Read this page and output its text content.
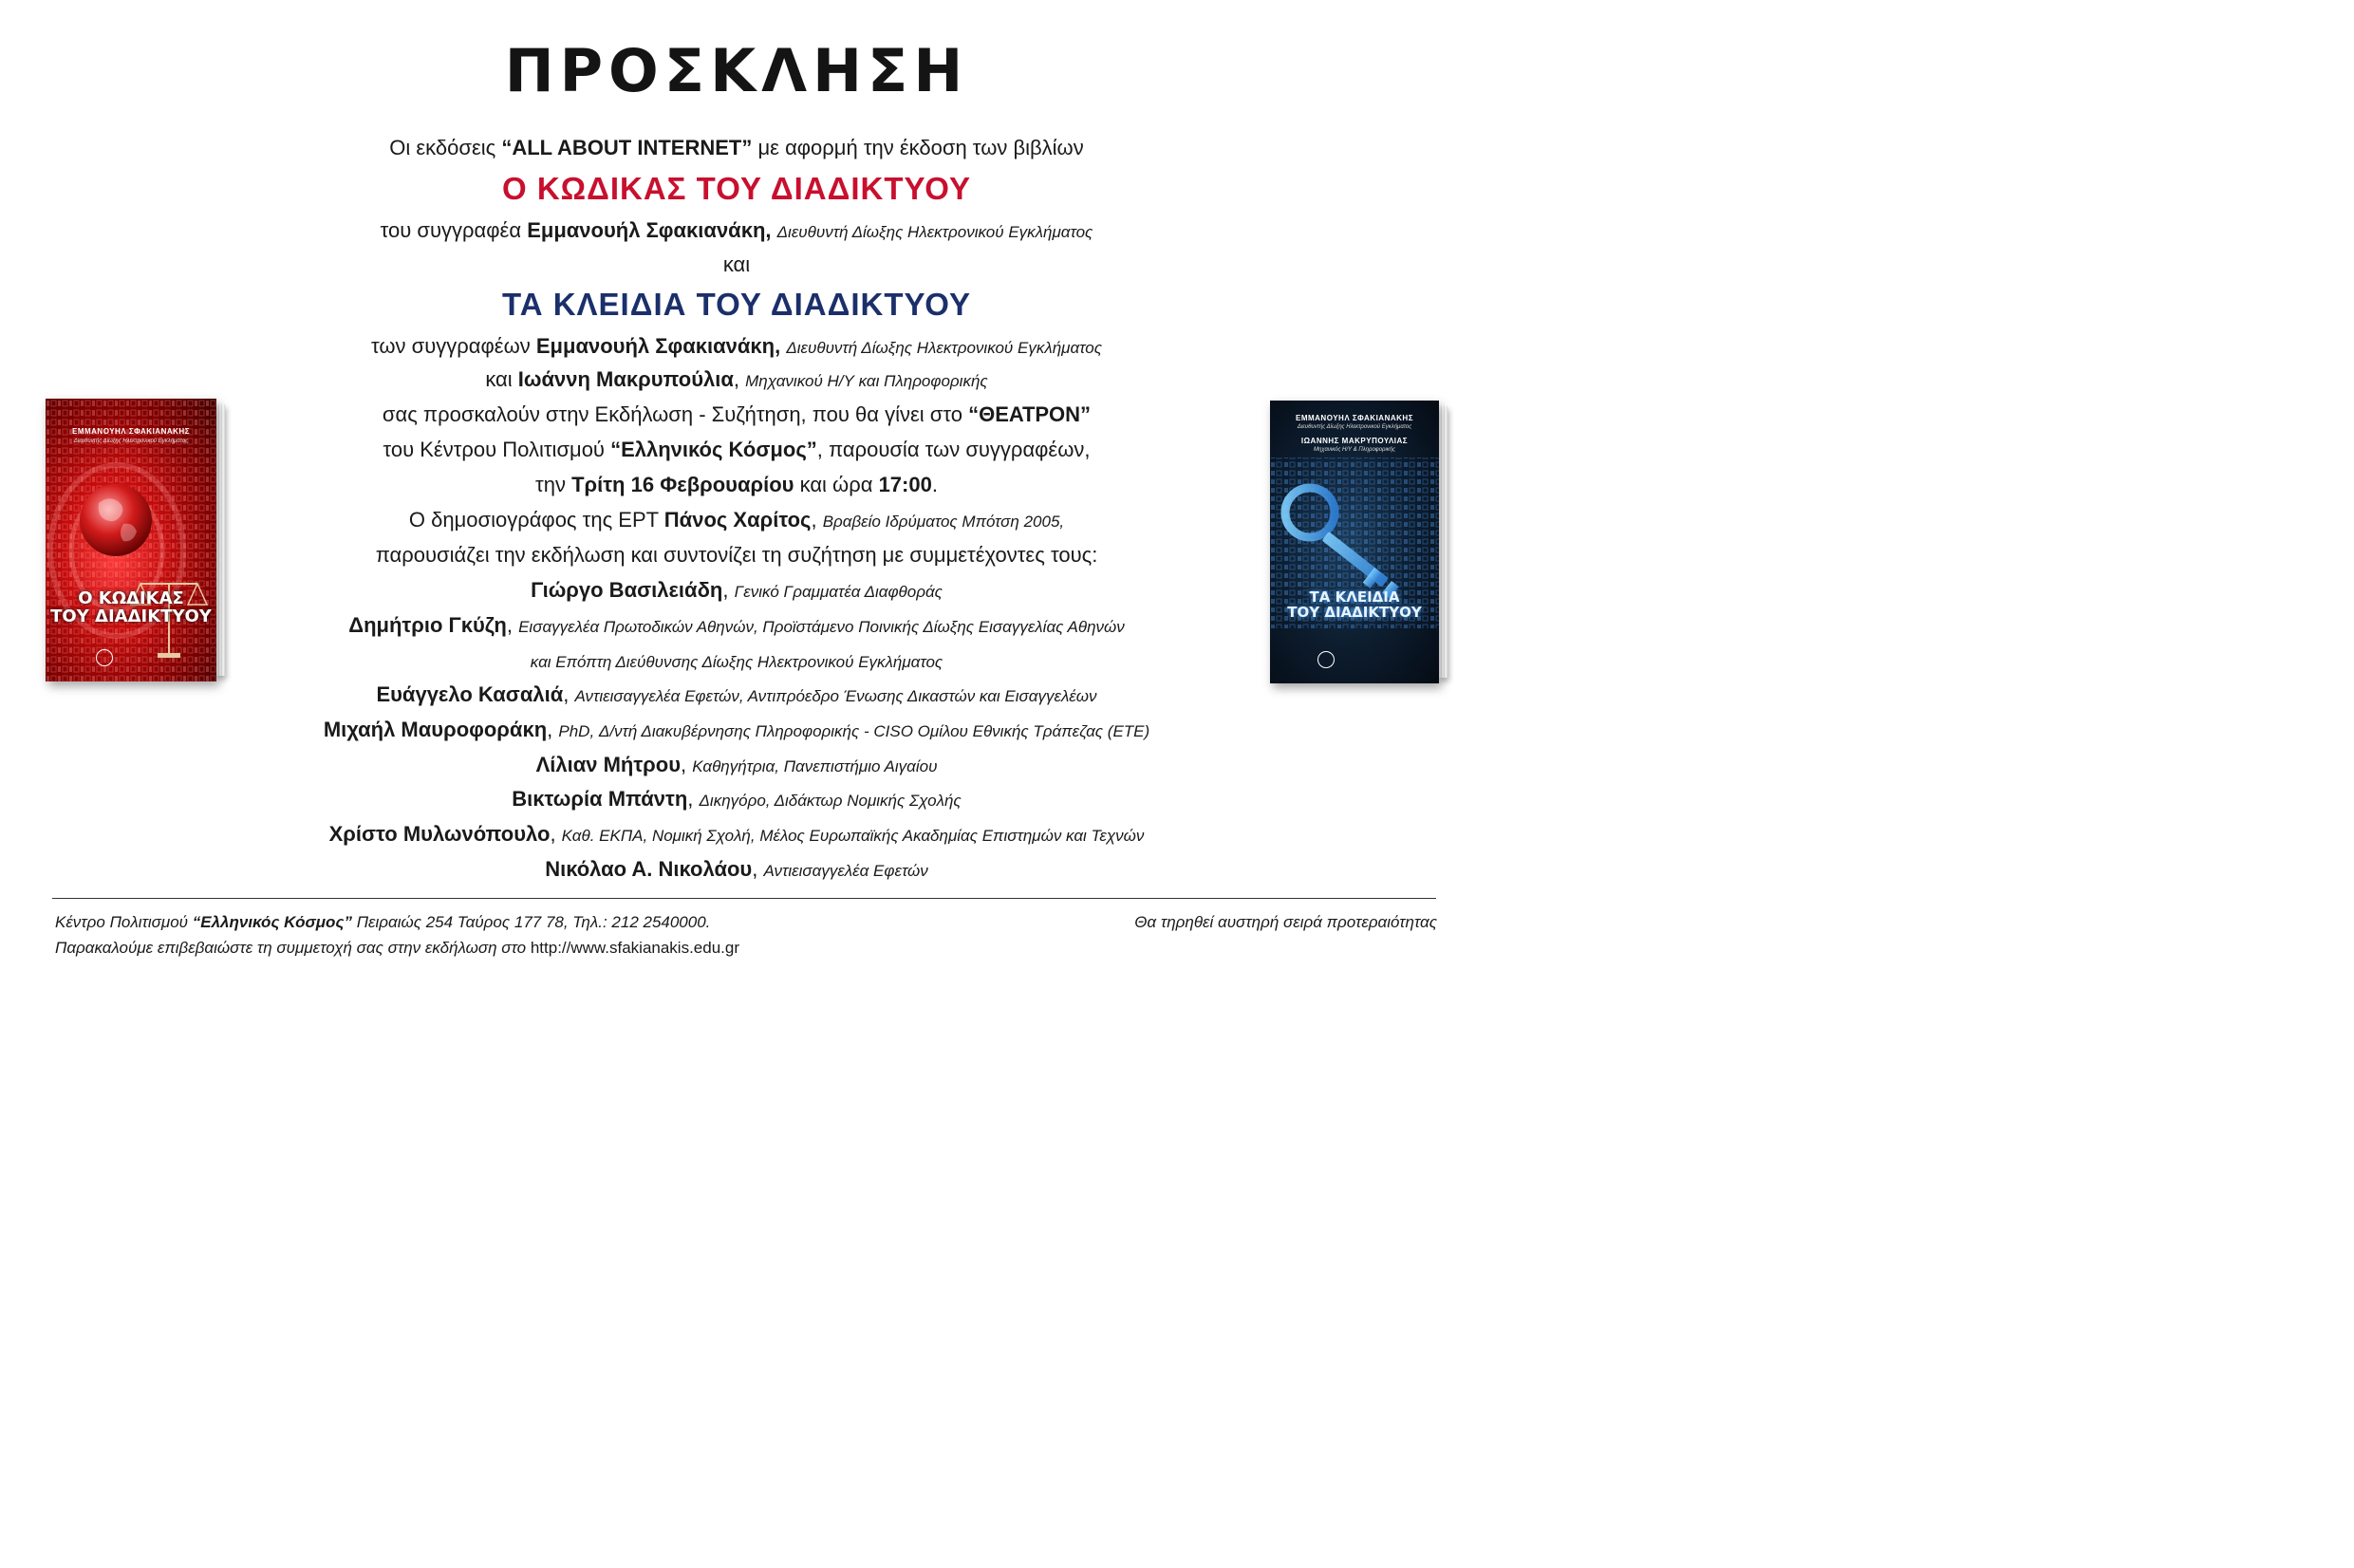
ΠΡΟΣΚΛΗΣΗ
Οι εκδόσεις “ALL ABOUT INTERNET” με αφορμή την έκδοση των βιβλίων
Ο ΚΩΔΙΚΑΣ ΤΟΥ ΔΙΑΔΙΚΤΥΟΥ
του συγγραφέα Εμμανουήλ Σφακιανάκη, Διευθυντή Δίωξης Ηλεκτρονικού Εγκλήματος
και
ΤΑ ΚΛΕΙΔΙΑ ΤΟΥ ΔΙΑΔΙΚΤΥΟΥ
των συγγραφέων Εμμανουήλ Σφακιανάκη, Διευθυντή Δίωξης Ηλεκτρονικού Εγκλήματος
και Ιωάννη Μακρυπούλια, Μηχανικού Η/Υ και Πληροφορικής
σας προσκαλούν στην Εκδήλωση - Συζήτηση, που θα γίνει στο “ΘΕΑΤΡΟΝ”
του Κέντρου Πολιτισμού “Ελληνικός Κόσμος”, παρουσία των συγγραφέων,
την Τρίτη 16 Φεβρουαρίου και ώρα 17:00.
Ο δημοσιογράφος της ΕΡΤ Πάνος Χαρίτος, Βραβείο Ιδρύματος Μπότση 2005,
παρουσιάζει την εκδήλωση και συντονίζει τη συζήτηση με συμμετέχοντες τους:
Γιώργο Βασιλειάδη, Γενικό Γραμματέα Διαφθοράς
Δημήτριο Γκύζη, Εισαγγελέα Πρωτοδικών Αθηνών, Προϊστάμενο Ποινικής Δίωξης Εισαγγελίας Αθηνών
και Επόπτη Διεύθυνσης Δίωξης Ηλεκτρονικού Εγκλήματος
Ευάγγελο Κασαλιά, Αντιεισαγγελέα Εφετών, Αντιπρόεδρο Ένωσης Δικαστών και Εισαγγελέων
Μιχαήλ Μαυροφοράκη, PhD, Δ/ντή Διακυβέρνησης Πληροφορικής - CISO Ομίλου Εθνικής Τράπεζας (ΕΤΕ)
Λίλιαν Μήτρου, Καθηγήτρια, Πανεπιστήμιο Αιγαίου
Βικτωρία Μπάντη, Δικηγόρο, Διδάκτωρ Νομικής Σχολής
Χρίστο Μυλωνόπουλο, Καθ. ΕΚΠΑ, Νομική Σχολή, Μέλος Ευρωπαϊκής Ακαδημίας Επιστημών και Τεχνών
Νικόλαο Α. Νικολάου, Αντιεισαγγελέα Εφετών
Κέντρο Πολιτισμού “Ελληνικός Κόσμος” Πειραιώς 254 Ταύρος 177 78, Τηλ.: 212 2540000.	Θα τηρηθεί αυστηρή σειρά προτεραιότητας
Παρακαλούμε επιβεβαιώστε τη συμμετοχή σας στην εκδήλωση στο http://www.sfakianakis.edu.gr
ΕΜΜΑΝΟΥΗΛ ΣΦΑΚΙΑΝΑΚΗΣ
Διευθυντής Δίωξης Ηλεκτρονικού Εγκλήματος
Ο ΚΩΔΙΚΑΣ
ΤΟΥ ΔΙΑΔΙΚΤΥΟΥ
ΕΜΜΑΝΟΥΗΛ ΣΦΑΚΙΑΝΑΚΗΣ
Διευθυντής Δίωξης Ηλεκτρονικού Εγκλήματος
ΙΩΑΝΝΗΣ ΜΑΚΡΥΠΟΥΛΙΑΣ
Μηχανικός Η/Υ & Πληροφορικής
ΤΑ ΚΛΕΙΔΙΑ
ΤΟΥ ΔΙΑΔΙΚΤΥΟΥ
